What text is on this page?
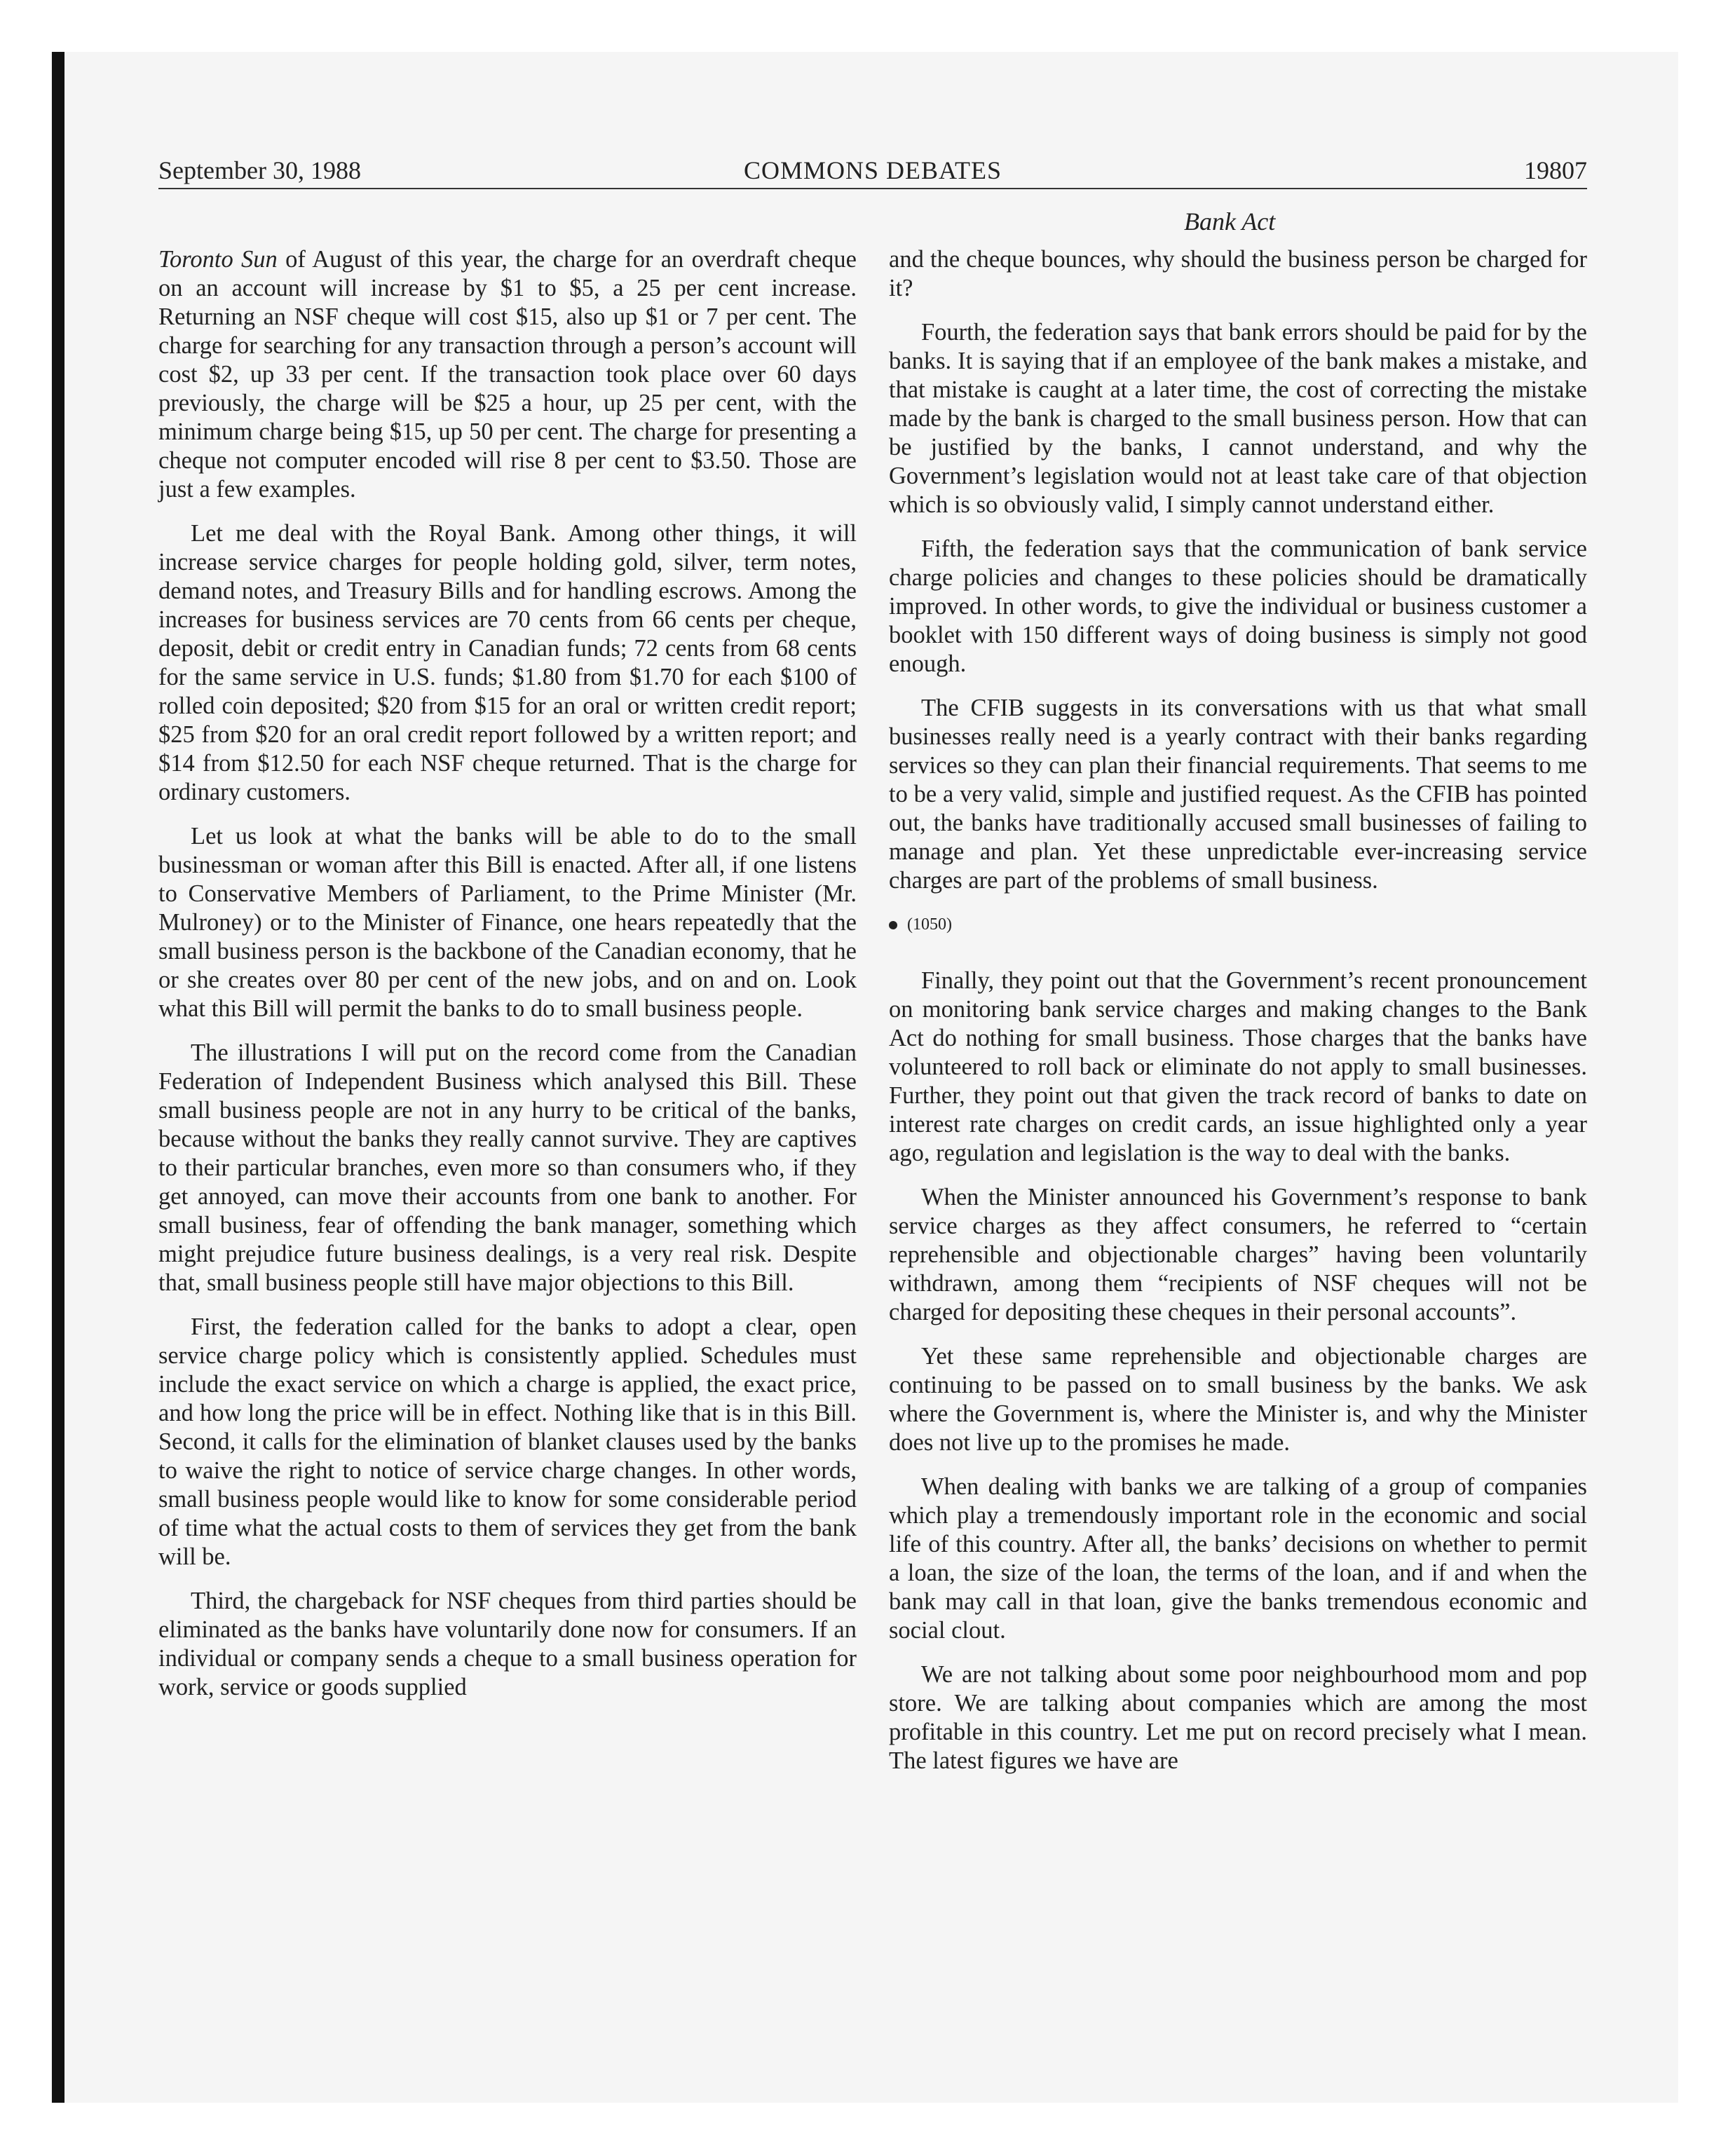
September 30, 1988	COMMONS DEBATES	19807
Bank Act

Toronto Sun of August of this year, the charge for an overdraft cheque on an account will increase by $1 to $5, a 25 per cent increase. Returning an NSF cheque will cost $15, also up $1 or 7 per cent. The charge for searching for any transaction through a person’s account will cost $2, up 33 per cent. If the transaction took place over 60 days previously, the charge will be $25 a hour, up 25 per cent, with the minimum charge being $15, up 50 per cent. The charge for presenting a cheque not computer encoded will rise 8 per cent to $3.50. Those are just a few examples.

Let me deal with the Royal Bank. Among other things, it will increase service charges for people holding gold, silver, term notes, demand notes, and Treasury Bills and for handling escrows. Among the increases for business services are 70 cents from 66 cents per cheque, deposit, debit or credit entry in Canadian funds; 72 cents from 68 cents for the same service in U.S. funds; $1.80 from $1.70 for each $100 of rolled coin deposited; $20 from $15 for an oral or written credit report; $25 from $20 for an oral credit report followed by a written report; and $14 from $12.50 for each NSF cheque returned. That is the charge for ordinary customers.

Let us look at what the banks will be able to do to the small businessman or woman after this Bill is enacted. After all, if one listens to Conservative Members of Parliament, to the Prime Minister (Mr. Mulroney) or to the Minister of Finance, one hears repeatedly that the small business person is the backbone of the Canadian economy, that he or she creates over 80 per cent of the new jobs, and on and on. Look what this Bill will permit the banks to do to small business people.

The illustrations I will put on the record come from the Canadian Federation of Independent Business which analysed this Bill. These small business people are not in any hurry to be critical of the banks, because without the banks they really cannot survive. They are captives to their particular branches, even more so than consumers who, if they get annoyed, can move their accounts from one bank to another. For small business, fear of offending the bank manager, something which might prejudice future business dealings, is a very real risk. Despite that, small business people still have major objections to this Bill.

First, the federation called for the banks to adopt a clear, open service charge policy which is consistently applied. Schedules must include the exact service on which a charge is applied, the exact price, and how long the price will be in effect. Nothing like that is in this Bill. Second, it calls for the elimination of blanket clauses used by the banks to waive the right to notice of service charge changes. In other words, small business people would like to know for some considerable period of time what the actual costs to them of services they get from the bank will be.

Third, the chargeback for NSF cheques from third parties should be eliminated as the banks have voluntarily done now for consumers. If an individual or company sends a cheque to a small business operation for work, service or goods supplied

and the cheque bounces, why should the business person be charged for it?

Fourth, the federation says that bank errors should be paid for by the banks. It is saying that if an employee of the bank makes a mistake, and that mistake is caught at a later time, the cost of correcting the mistake made by the bank is charged to the small business person. How that can be justified by the banks, I cannot understand, and why the Government’s legislation would not at least take care of that objection which is so obviously valid, I simply cannot understand either.

Fifth, the federation says that the communication of bank service charge policies and changes to these policies should be dramatically improved. In other words, to give the individual or business customer a booklet with 150 different ways of doing business is simply not good enough.

The CFIB suggests in its conversations with us that what small businesses really need is a yearly contract with their banks regarding services so they can plan their financial requirements. That seems to me to be a very valid, simple and justified request. As the CFIB has pointed out, the banks have traditionally accused small businesses of failing to manage and plan. Yet these unpredictable ever-increasing service charges are part of the problems of small business.

(1050)

Finally, they point out that the Government’s recent pronouncement on monitoring bank service charges and making changes to the Bank Act do nothing for small business. Those charges that the banks have volunteered to roll back or eliminate do not apply to small businesses. Further, they point out that given the track record of banks to date on interest rate charges on credit cards, an issue highlighted only a year ago, regulation and legislation is the way to deal with the banks.

When the Minister announced his Government’s response to bank service charges as they affect consumers, he referred to “certain reprehensible and objectionable charges” having been voluntarily withdrawn, among them “recipients of NSF cheques will not be charged for depositing these cheques in their personal accounts”.

Yet these same reprehensible and objectionable charges are continuing to be passed on to small business by the banks. We ask where the Government is, where the Minister is, and why the Minister does not live up to the promises he made.

When dealing with banks we are talking of a group of companies which play a tremendously important role in the economic and social life of this country. After all, the banks’ decisions on whether to permit a loan, the size of the loan, the terms of the loan, and if and when the bank may call in that loan, give the banks tremendous economic and social clout.

We are not talking about some poor neighbourhood mom and pop store. We are talking about companies which are among the most profitable in this country. Let me put on record precisely what I mean. The latest figures we have are
